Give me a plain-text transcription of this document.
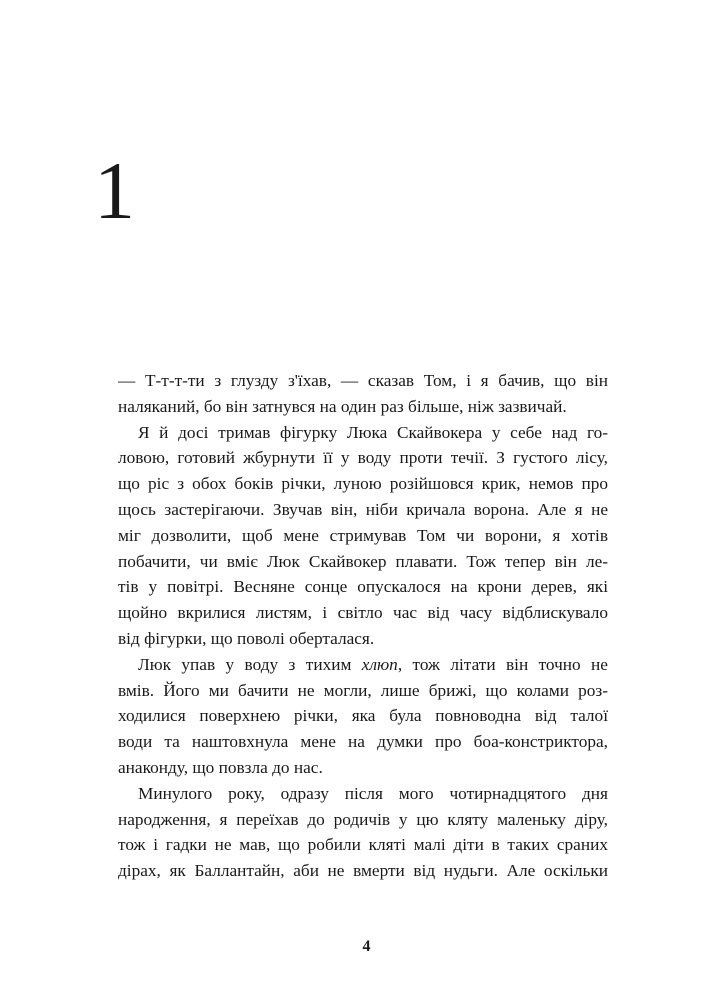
1
— Т-т-т-ти з глузду з'їхав, — сказав Том, і я бачив, що він
наляканий, бо він затнувся на один раз більше, ніж зазвичай.
Я й досі тримав фігурку Люка Скайвокера у себе над го-
ловою, готовий жбурнути її у воду проти течії. З густого лісу,
що ріс з обох боків річки, луною розійшовся крик, немов про
щось застерігаючи. Звучав він, ніби кричала ворона. Але я не
міг дозволити, щоб мене стримував Том чи ворони, я хотів
побачити, чи вміє Люк Скайвокер плавати. Тож тепер він ле-
тів у повітрі. Весняне сонце опускалося на крони дерев, які
щойно вкрилися листям, і світло час від часу відблискувало
від фігурки, що поволі оберталася.
Люк упав у воду з тихим хлюп, тож літати він точно не
вмів. Його ми бачити не могли, лише брижі, що колами роз-
ходилися поверхнею річки, яка була повноводна від талої
води та наштовхнула мене на думки про боа-констриктора,
анаконду, що повзла до нас.
Минулого року, одразу після мого чотирнадцятого дня
народження, я переїхав до родичів у цю кляту маленьку діру,
тож і гадки не мав, що робили кляті малі діти в таких сраних
дірах, як Баллантайн, аби не вмерти від нудьги. Але оскільки
4
